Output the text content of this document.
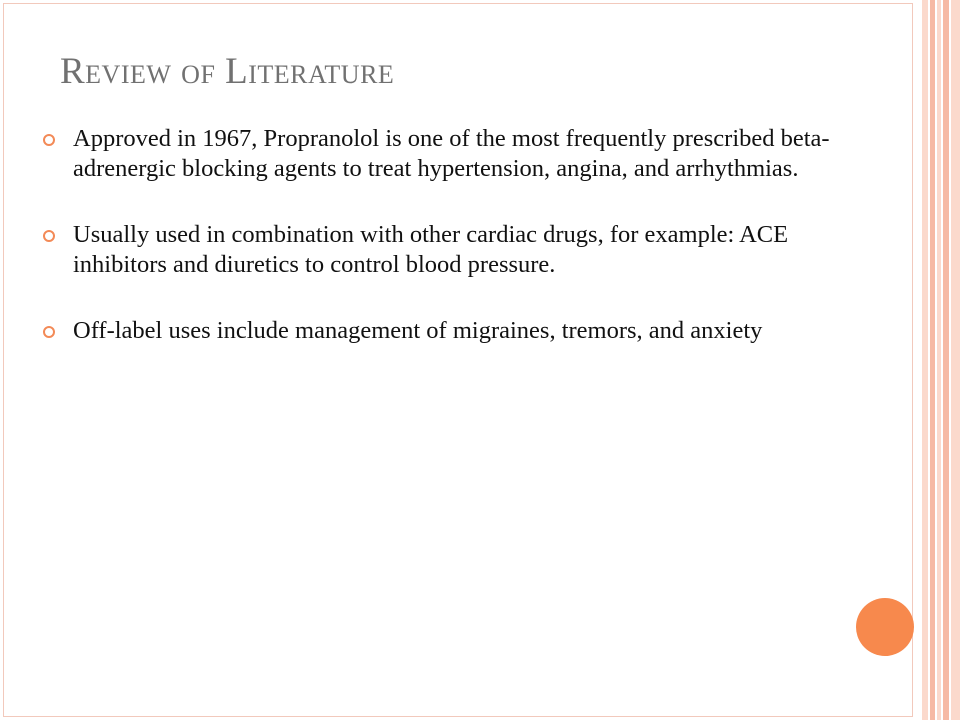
Review of Literature
Approved in 1967, Propranolol is one of the most frequently prescribed beta-adrenergic blocking agents to treat hypertension, angina, and arrhythmias.
Usually used in combination with other cardiac drugs, for example: ACE inhibitors and diuretics to control blood pressure.
Off-label uses include management of migraines, tremors, and anxiety
